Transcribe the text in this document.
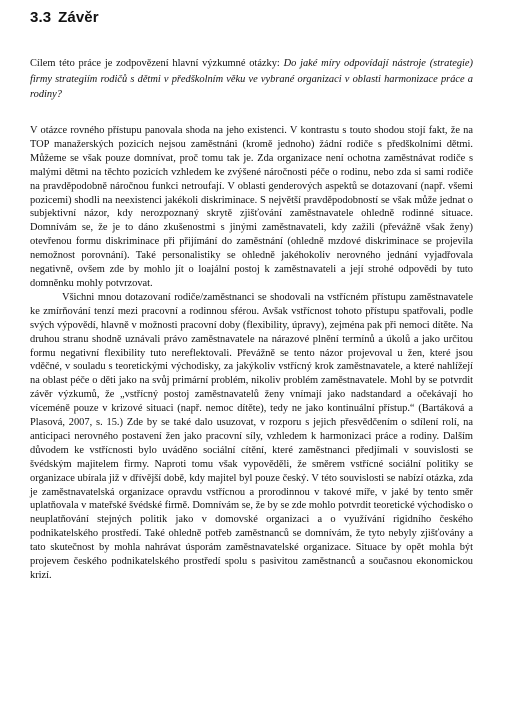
3.3 Závěr
Cílem této práce je zodpovězení hlavní výzkumné otázky: Do jaké míry odpovídají nástroje (strategie) firmy strategiím rodičů s dětmi v předškolním věku ve vybrané organizaci v oblasti harmonizace práce a rodiny?

V otázce rovného přístupu panovala shoda na jeho existenci. V kontrastu s touto shodou stojí fakt, že na TOP manažerských pozicích nejsou zaměstnáni (kromě jednoho) žádní rodiče s předškolními dětmi. Můžeme se však pouze domnívat, proč tomu tak je. Zda organizace není ochotna zaměstnávat rodiče s malými dětmi na těchto pozicích vzhledem ke zvýšené náročnosti péče o rodinu, nebo zda si sami rodiče na pravděpodobně náročnou funkci netroufají. V oblasti genderových aspektů se dotazovaní (např. všemi pozicemi) shodli na neexistenci jakékoli diskriminace. S největší pravděpodobností se však může jednat o subjektivní názor, kdy nerozpoznaný skrytě zjišťování zaměstnavatele ohledně rodinné situace. Domnívám se, že je to dáno zkušenostmi s jinými zaměstnavateli, kdy zažili (převážně však ženy) otevřenou formu diskriminace při přijímání do zaměstnání (ohledně mzdové diskriminace se projevila nemožnost porovnání). Také personalistiky se ohledně jakéhokoliv nerovného jednání vyjadřovala negativně, ovšem zde by mohlo jít o loajální postoj k zaměstnavateli a její strohé odpovědi by tuto domněnku mohly potvrzovat.

Všichni mnou dotazovaní rodiče/zaměstnanci se shodovali na vstřícném přístupu zaměstnavatele ke zmírňování tenzí mezi pracovní a rodinnou sférou. Avšak vstřícnost tohoto přístupu spatřovali, podle svých výpovědí, hlavně v možnosti pracovní doby (flexibility, úpravy), zejména pak při nemoci dítěte. Na druhou stranu shodně uznávali právo zaměstnavatele na nárazové plnění termínů a úkolů a jako určitou formu negativní flexibility tuto nereflektovali. Převážně se tento názor projevoval u žen, které jsou vděčné, v souladu s teoretickými východisky, za jakýkoliv vstřícný krok zaměstnavatele, a které nahlížejí na oblast péče o děti jako na svůj primární problém, nikoliv problém zaměstnavatele. Mohl by se potvrdit závěr výzkumů, že „vstřícný postoj zaměstnavatelů ženy vnímají jako nadstandard a očekávají ho víceméně pouze v krizové situaci (např. nemoc dítěte), tedy ne jako kontinuální přístup.“ (Bartáková a Plasová, 2007, s. 15.) Zde by se také dalo usuzovat, v rozporu s jejich přesvědčením o sdílení rolí, na anticipaci nerovného postavení žen jako pracovní síly, vzhledem k harmonizaci práce a rodiny. Dalším důvodem ke vstřícnosti bylo uváděno sociální cítění, které zaměstnanci předjímali v souvislosti se švédským majitelem firmy. Naproti tomu však vypověděli, že směrem vstřícné sociální politiky se organizace ubírala již v dřívější době, kdy majitel byl pouze český. V této souvislosti se nabízí otázka, zda je zaměstnavatelská organizace opravdu vstřícnou a prorodinnou v takové míře, v jaké by tento směr uplatňovala v mateřské švédské firmě. Domnívám se, že by se zde mohlo potvrdit teoretické východisko o neuplatňování stejných politik jako v domovské organizaci a o využívání rigidního českého podnikatelského prostředí. Také ohledně potřeb zaměstnanců se domnívám, že tyto nebyly zjišťovány a tato skutečnost by mohla nahrávat úsporám zaměstnavatelské organizace. Situace by opět mohla být projevem českého podnikatelského prostředí spolu s pasivitou zaměstnanců a současnou ekonomickou krizí.
